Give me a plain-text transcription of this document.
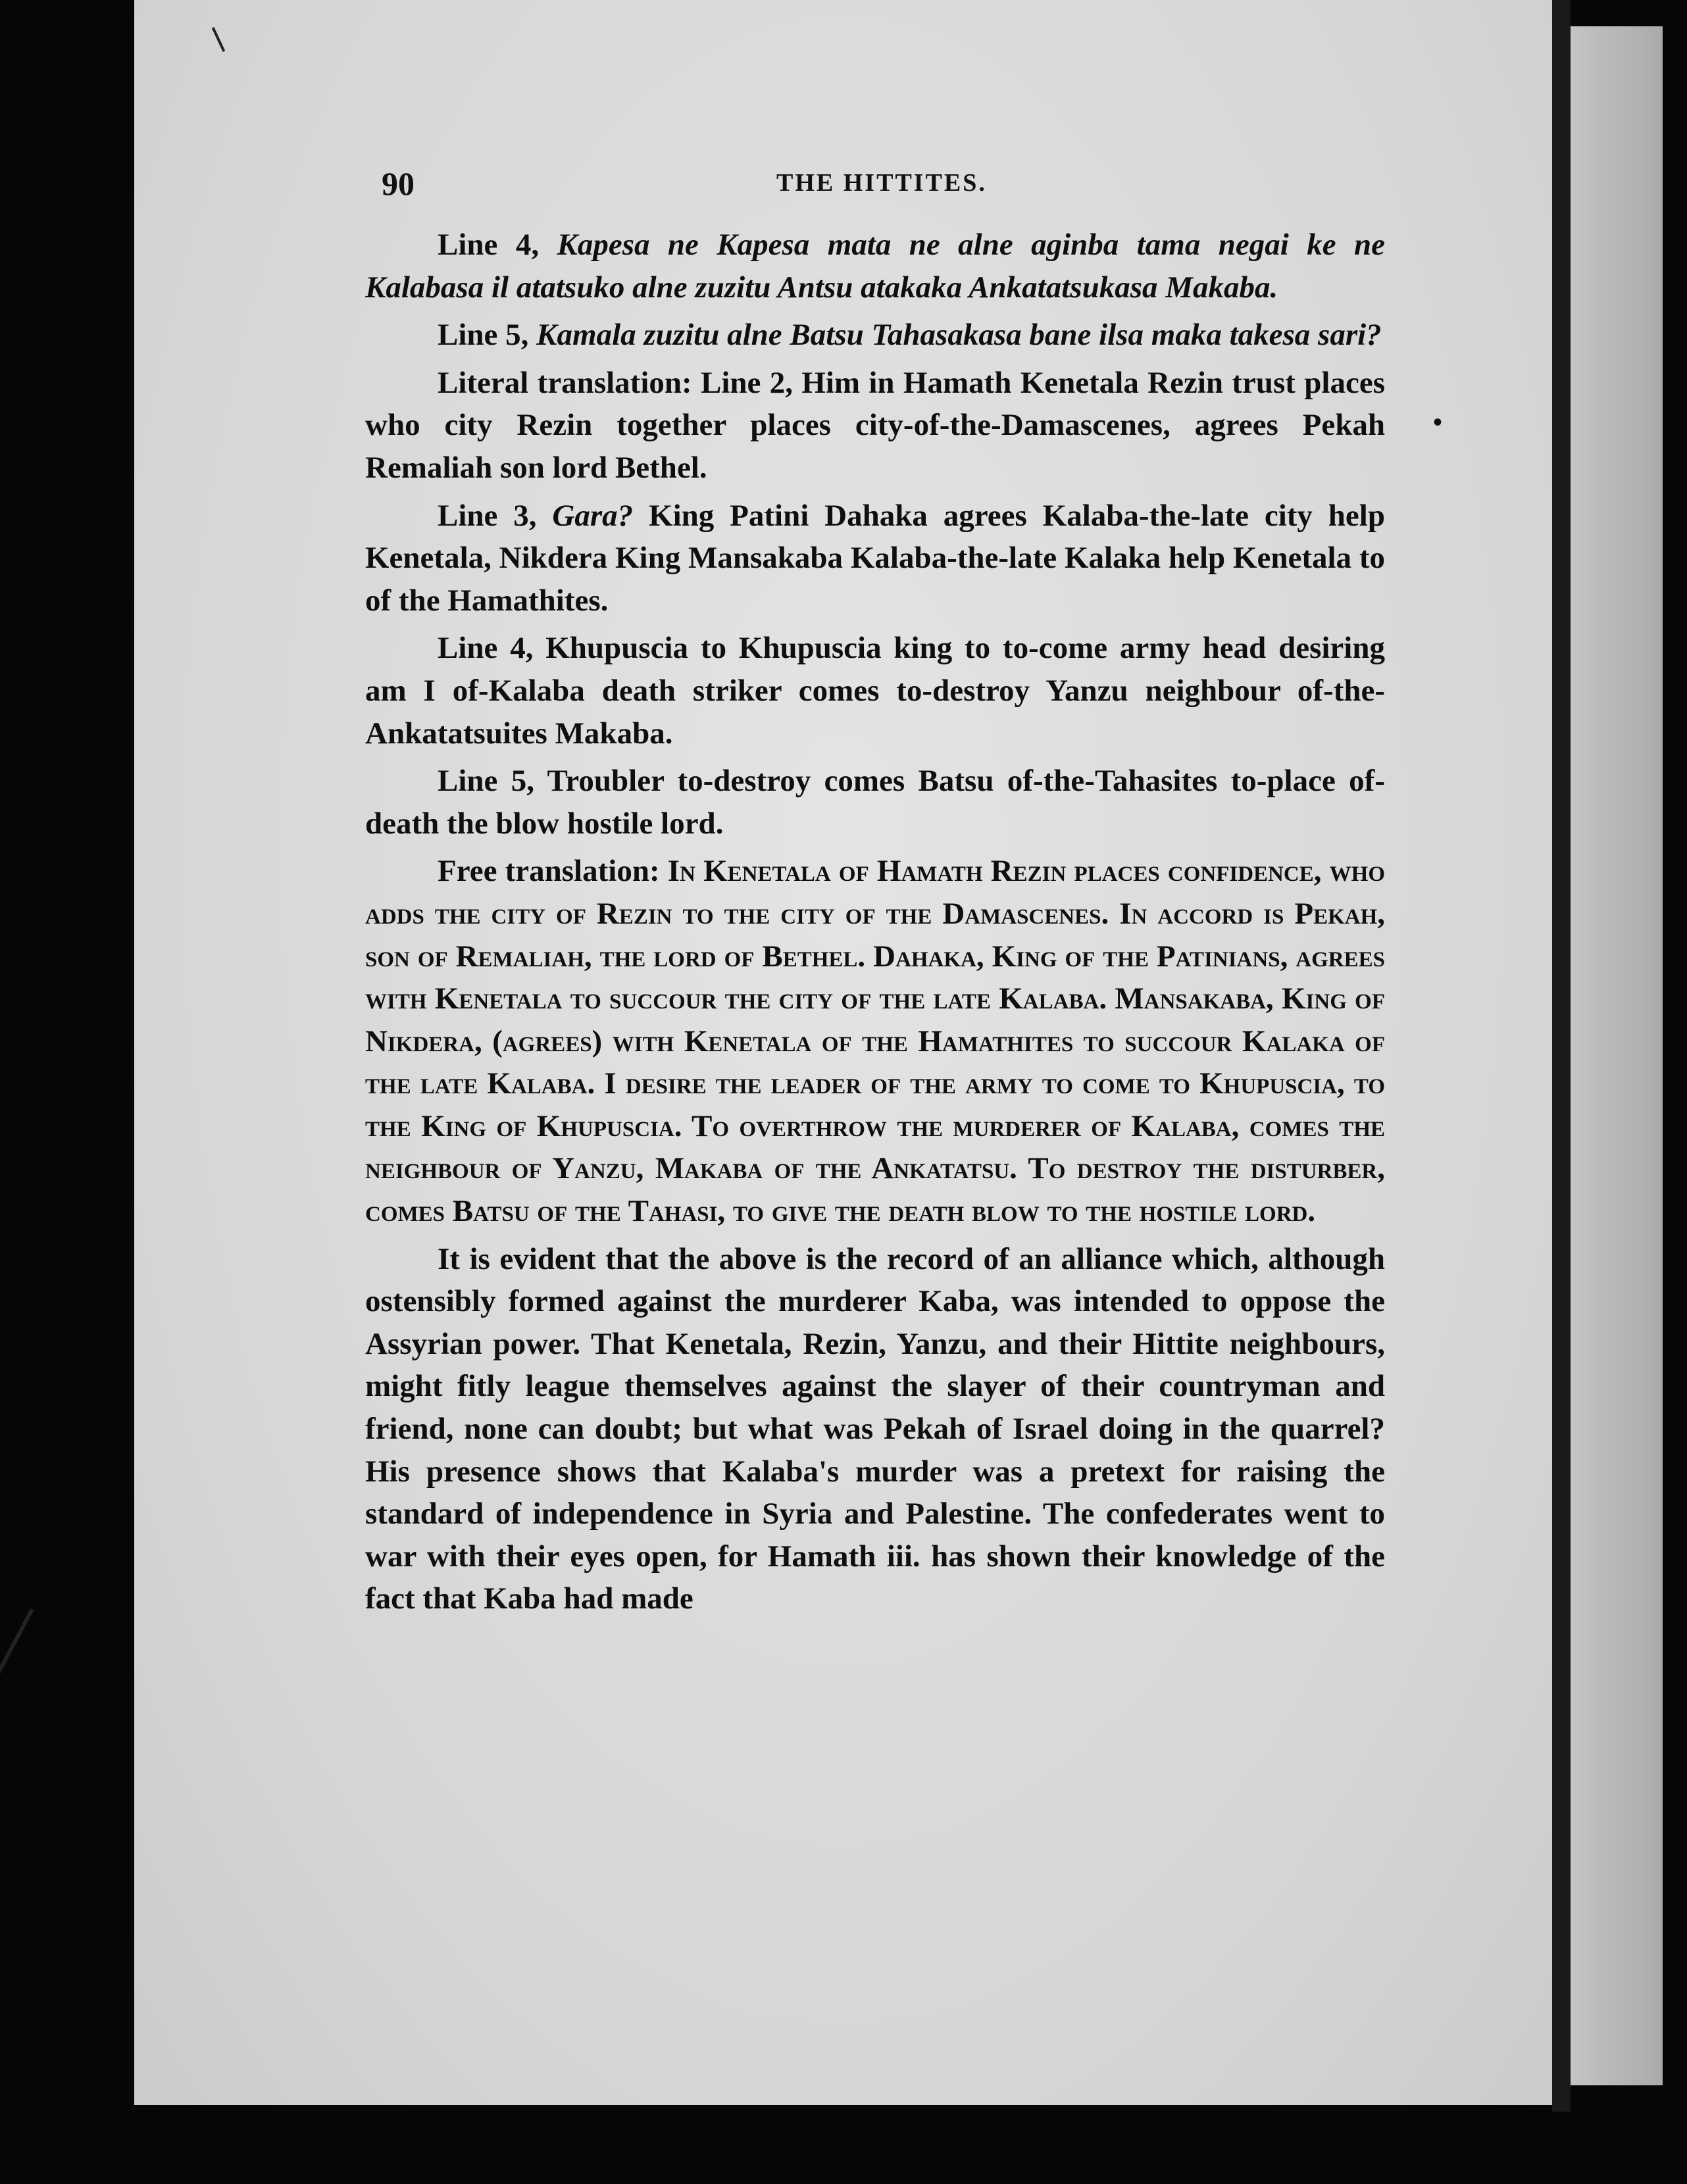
•
90	THE HITTITES.

Line 4, Kapesa ne Kapesa mata ne alne aginba tama negai ke ne Kalabasa il atatsuko alne zuzitu Antsu atakaka Ankatatsukasa Makaba.

Line 5, Kamala zuzitu alne Batsu Tahasakasa bane ilsa maka takesa sari?

Literal translation: Line 2, Him in Hamath Kenetala Rezin trust places who city Rezin together places city-of-the-Damascenes, agrees Pekah Remaliah son lord Bethel.

Line 3, Gara? King Patini Dahaka agrees Kalaba-the-late city help Kenetala, Nikdera King Mansakaba Kalaba-the-late Kalaka help Kenetala to of the Hamathites.

Line 4, Khupuscia to Khupuscia king to to-come army head desiring am I of-Kalaba death striker comes to-destroy Yanzu neighbour of-the-Ankatatsuites Makaba.

Line 5, Troubler to-destroy comes Batsu of-the-Tahasites to-place of-death the blow hostile lord.

Free translation: In Kenetala of Hamath Rezin places confidence, who adds the city of Rezin to the city of the Damascenes. In accord is Pekah, son of Remaliah, the lord of Bethel. Dahaka, King of the Patinians, agrees with Kenetala to succour the city of the late Kalaba. Mansakaba, King of Nikdera, (agrees) with Kenetala of the Hamathites to succour Kalaka of the late Kalaba. I desire the leader of the army to come to Khupuscia, to the King of Khupuscia. To overthrow the murderer of Kalaba, comes the neighbour of Yanzu, Makaba of the Ankatatsu. To destroy the disturber, comes Batsu of the Tahasi, to give the death blow to the hostile lord.

It is evident that the above is the record of an alliance which, although ostensibly formed against the murderer Kaba, was intended to oppose the Assyrian power. That Kenetala, Rezin, Yanzu, and their Hittite neighbours, might fitly league themselves against the slayer of their countryman and friend, none can doubt; but what was Pekah of Israel doing in the quarrel? His presence shows that Kalaba's murder was a pretext for raising the standard of independence in Syria and Palestine. The confederates went to war with their eyes open, for Hamath iii. has shown their knowledge of the fact that Kaba had made
